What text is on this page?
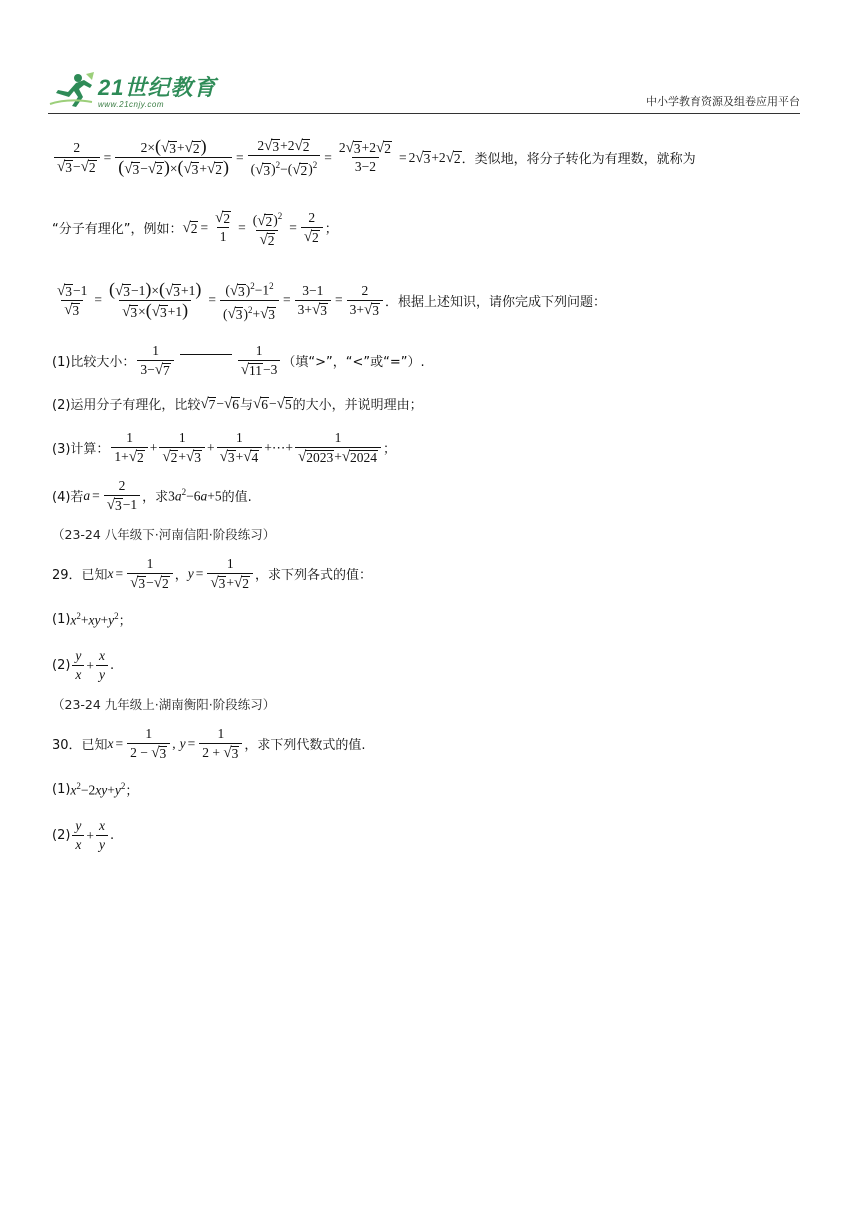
21世纪教育
www.21cnjy.com	中小学教育资源及组卷应用平台
$\frac{2}{√ 3 - √ 2} = \frac{2\times( √ 3 + √ 2 )}{( √ 3 - √ 2 )\times( √ 3 + √ 2 )} = \frac{2 √ 3 +2 √ 2}{( √ 3 )^2-( √ 2 )^2} = \frac{2 √ 3 +2 √ 2}{3-2} = 2$ √ 3 +2 √ 2 ．类似地，将分子转化为有理数，就称为
“分子有理化”，例如： √ $2 = \frac{√ 2}{1} = \frac{( √ 2 )^2}{√ 2} = \frac{2}{√ 2}$ ；
$\frac{√ 3 -1}{√ 3} = \frac{( √ 3 -1)\times( √ 3 +1)}{√ 3 \times( √ 3 +1)} = \frac{( √ 3 )^2-1^2}{( √ 3 )^2+ √ 3} = \frac{3-1}{3+ √ 3} = \frac{2}{3+ √ 3}$ ．根据上述知识，请你完成下列问题：
(1)比较大小： $\frac{1}{3- √ 7}$	$\frac{1}{√ 11 -3}$ （填“>”，“<”或“=”）.
(2)运用分子有理化，比较 √ 7 − √ 6 与 √ 6 − √ 5 的大小，并说明理由；
(3)计算： $\frac{1}{1+ √ 2} + \frac{1}{√ 2 + √ 3} + \frac{1}{√ 3 + √ 4}$ +⋯+ $\frac{1}{√ 2023 + √ 2024}$ ；
(4)若 $a = \frac{2}{√ 3 -1}$ ，求 $3a^2-6a+5$ 的值.
（23-24 八年级下·河南信阳·阶段练习）
29．已知 $x = \frac{1}{√ 3 - √ 2}$ ， $y = \frac{1}{√ 3 + √ 2}$ ，求下列各式的值：
(1) $x^2+xy+y^2$ ；
$(2) \frac{y}{x} + \frac{x}{y}$ .
（23-24 九年级上·湖南衡阳·阶段练习）
30．已知 $x = \frac{1}{2 - √ 3}$ , $y = \frac{1}{2 + √ 3}$ ，求下列代数式的值.
(1) $x^2-2xy+y^2$ ；
$(2) \frac{y}{x} + \frac{x}{y}$ .
